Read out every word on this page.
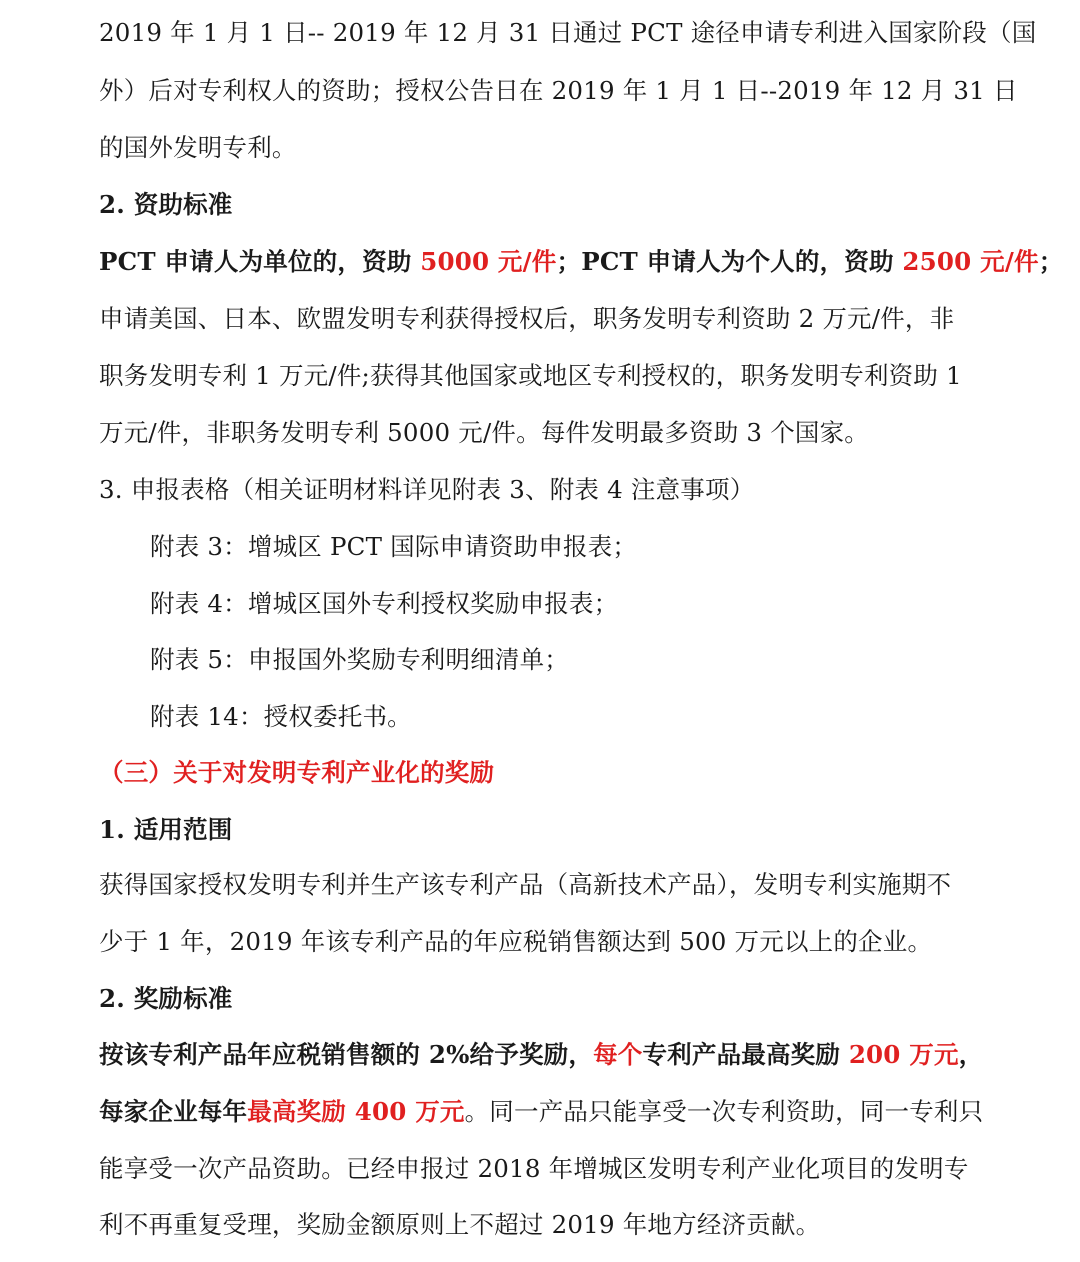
2019 年 1 月 1 日-- 2019 年 12 月 31 日通过 PCT 途径申请专利进入国家阶段（国
外）后对专利权人的资助；授权公告日在 2019 年 1 月 1 日--2019 年 12 月 31 日
的国外发明专利。
2. 资助标准
PCT 申请人为单位的，资助 5000 元/件；PCT 申请人为个人的，资助 2500 元/件；
申请美国、日本、欧盟发明专利获得授权后，职务发明专利资助 2 万元/件，非
职务发明专利 1 万元/件;获得其他国家或地区专利授权的，职务发明专利资助 1
万元/件，非职务发明专利 5000 元/件。每件发明最多资助 3 个国家。
3. 申报表格（相关证明材料详见附表 3、附表 4 注意事项）
附表 3：增城区 PCT 国际申请资助申报表；
附表 4：增城区国外专利授权奖励申报表；
附表 5：申报国外奖励专利明细清单；
附表 14：授权委托书。
（三）关于对发明专利产业化的奖励
1. 适用范围
获得国家授权发明专利并生产该专利产品（高新技术产品），发明专利实施期不
少于 1 年，2019 年该专利产品的年应税销售额达到 500 万元以上的企业。
2. 奖励标准
按该专利产品年应税销售额的 2%给予奖励，每个专利产品最高奖励 200 万元，
每家企业每年最高奖励 400 万元。同一产品只能享受一次专利资助，同一专利只
能享受一次产品资助。已经申报过 2018 年增城区发明专利产业化项目的发明专
利不再重复受理，奖励金额原则上不超过 2019 年地方经济贡献。
